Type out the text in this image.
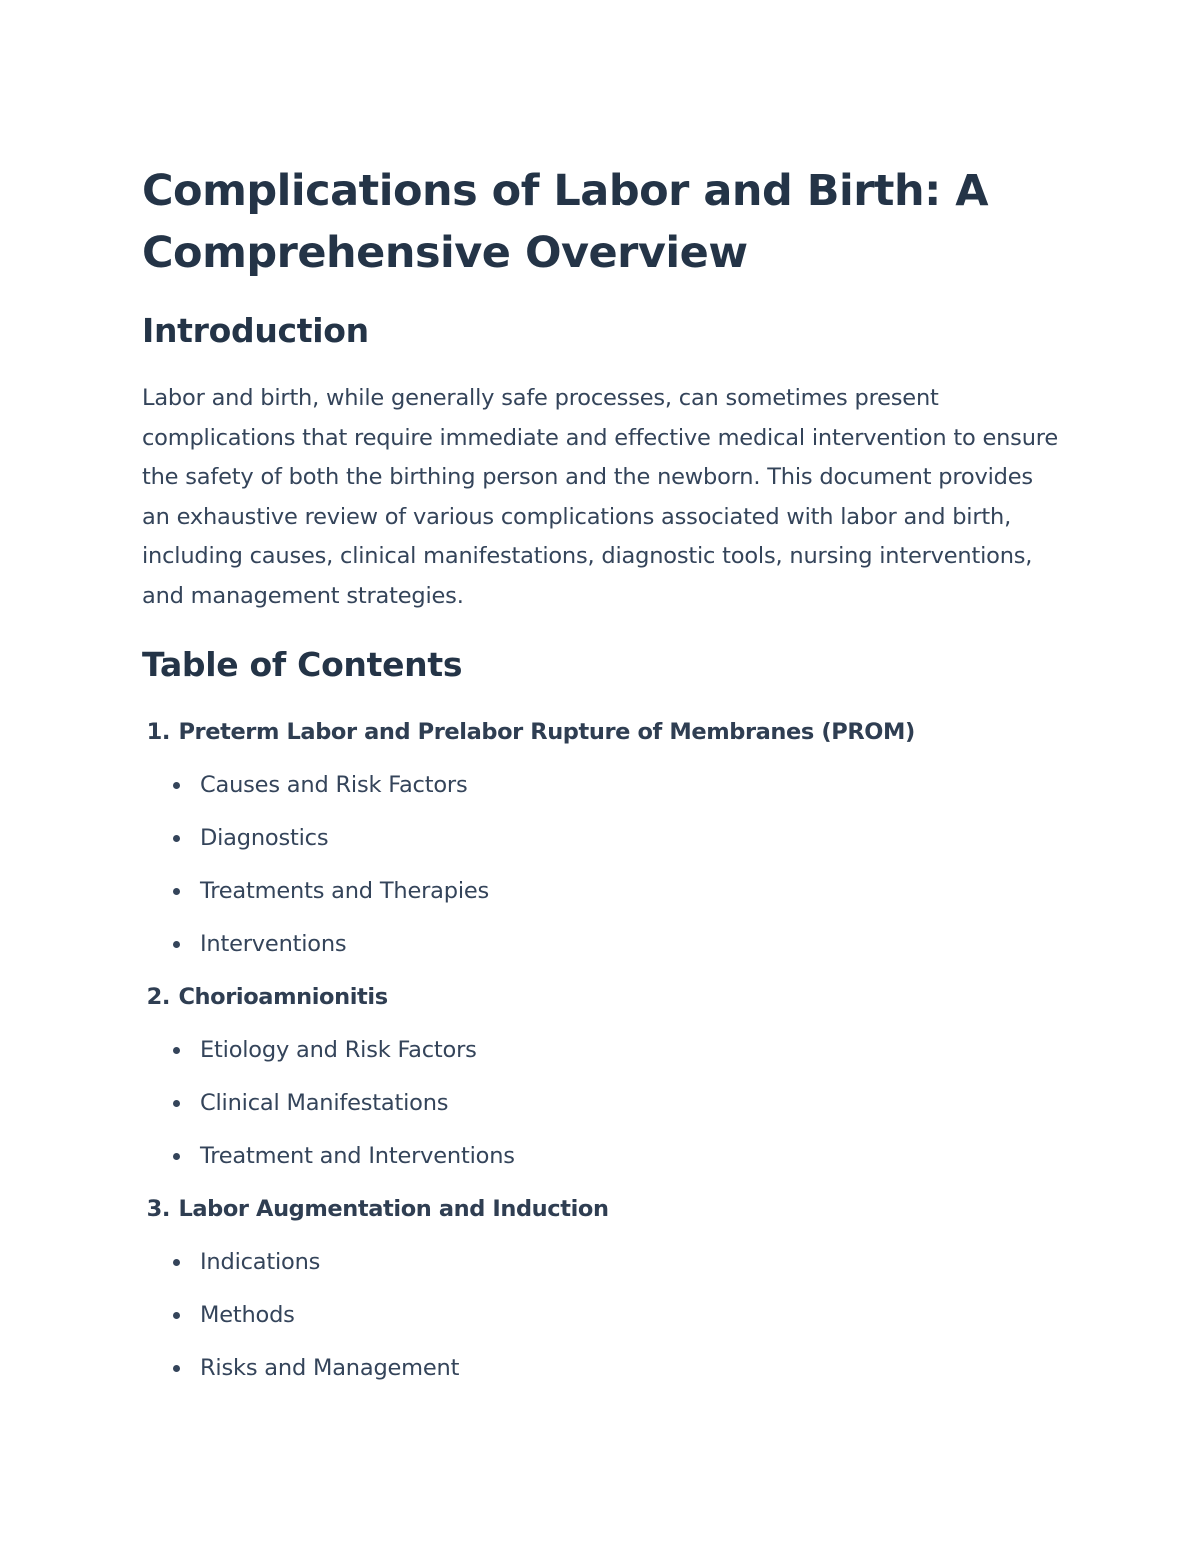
Complications of Labor and Birth: A Comprehensive Overview
Introduction

Labor and birth, while generally safe processes, can sometimes present complications that require immediate and effective medical intervention to ensure the safety of both the birthing person and the newborn. This document provides an exhaustive review of various complications associated with labor and birth, including causes, clinical manifestations, diagnostic tools, nursing interventions, and management strategies.

Table of Contents
1.
Preterm Labor and Prelabor Rupture of Membranes (PROM)
Causes and Risk Factors
Diagnostics
Treatments and Therapies
Interventions
2.
Chorioamnionitis
Etiology and Risk Factors
Clinical Manifestations
Treatment and Interventions
3.
Labor Augmentation and Induction
Indications
Methods
Risks and Management
